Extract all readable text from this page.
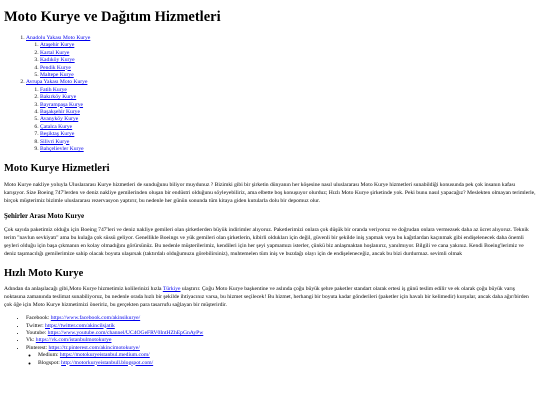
Moto Kurye ve Dağıtım Hizmetleri
1. Anadolu Yakası Moto Kurye
1. Ataşehir Kurye
2. Kartal Kurye
3. Kadıköy Kurye
4. Pendik Kurye
5. Maltepe Kurye
2. Avrupa Yakası Moto Kurye
1. Fatih Kurye
2. Bakırköy Kurye
3. Bayrampaşa Kurye
4. Başakşehir Kurye
5. Avanyköy Kurye
6. Çatalca Kurye
7. Beşiktaş Kurye
8. Silivri Kurye
9. Bahçelievler Kurye
Moto Kurye Hizmetleri

Moto Kurye nakliye yoluyla Uluslararası Kurye hizmetleri de sunduğunu biliyor muydunuz ? Bizimki gibi bir şirketin dünyanın her köşesine nasıl uluslararası Moto Kurye hizmetleri sunabildiği konusunda pek çok insanın kafası karışıyor. Size Boeing 747'lerden ve deniz nakliye gemilerinden oluşan bir endüstri olduğunu söyleyebiliriz, ama elbette boş konuşuyor olurduz; Hızlı Moto Kurye şirketinde yok. Peki bunu nasıl yapacağız? Meslekten olmayan terimlerle, birçok müşterimiz bizimle uluslararası rezervasyon yaptırır, bu nedenle her günün sonunda tüm kitaya giden kutularla dolu bir depomuz olur.

Şehirler Arası Moto Kurye

Çok sayıda paketimiz olduğu için Boeing 747'leri ve deniz nakliye gemileri olan şirketlerden büyük indirimler alıyoruz. Paketlerimizi onlara çok düşük bir oranda veriyoruz ve doğrudan onlara vermezsek daha az ücret alıyoruz. Teknik terim "navlun sevkiyatı" ama bu kulağa çok süssü geliyor. Genellikle Boeings ve yük gemileri olan şirketlerin, kibirli oldukları için değil, güvenli bir şekilde iniş yapmak veya bu kağıtlardan kaçınmak gibi endişelenecek daha önemli şeyleri olduğu için başa çıkmanın en kolay olmadığını görürsünüz. Bu nedenle müşterilerimiz, kendileri için her şeyi yapmamızı isterler, çünkü biz anlaşmaktan hoşlanırız, yanılmıyor. Bilgili ve cana yakınız. Kendi Boeing'lerimiz ve deniz taşımacılığı gemilerimize sahip olacak boyuta ulaşırsak (taktırdalı olduğumuzu görebilirsiniz), muhtemelen tüm iniş ve buzdağı olayı için de endişeleneceğiz, ancak bu bizi durdurmaz. sevimli olmak

Hızlı Moto Kurye

Adından da anlaşılacağı gibi,Moto Kurye hizmetimiz kolilerinizi hızla Türkiye ulaştırır. Çoğu Moto Kurye başkentine ve aslında çoğu büyük şehre paketler standart olarak ertesi iş günü teslim edilir ve ek olarak çoğu büyük varış noktasına zamanında teslimat sunabiliyoruz, bu nedenle orada hızlı bir şekilde ihtiyacınız varsa, bu hizmet seçilecek! Bu hizmet, herhangi bir boyuta kadar gönderileri (paketler için havalı bir kelimedir) kurşular, ancak daha ağır/birden çok öğe için Moto Kurye hizmetimizi öneririz, bu gerçekten para tasarrufu sağlayan bir müşterirdir.

• Facebook: https://www.facebook.com/akinsikurye/
• Twitter: https://twitter.com/akincilsjatik
• Youtube: https://www.youtube.com/channel/UC4OGeFRV0IntHZhEpGnAyPw
• Vk: https://vk.com/istanbulmotokurye
• Pinterest: https://tr.pinterest.com/akincimotokurye/
◦ Medium: https://motokuryeistanbul.medium.com/
◦ Blogspot: http://motorkuryeistanbull.blogspot.com/
